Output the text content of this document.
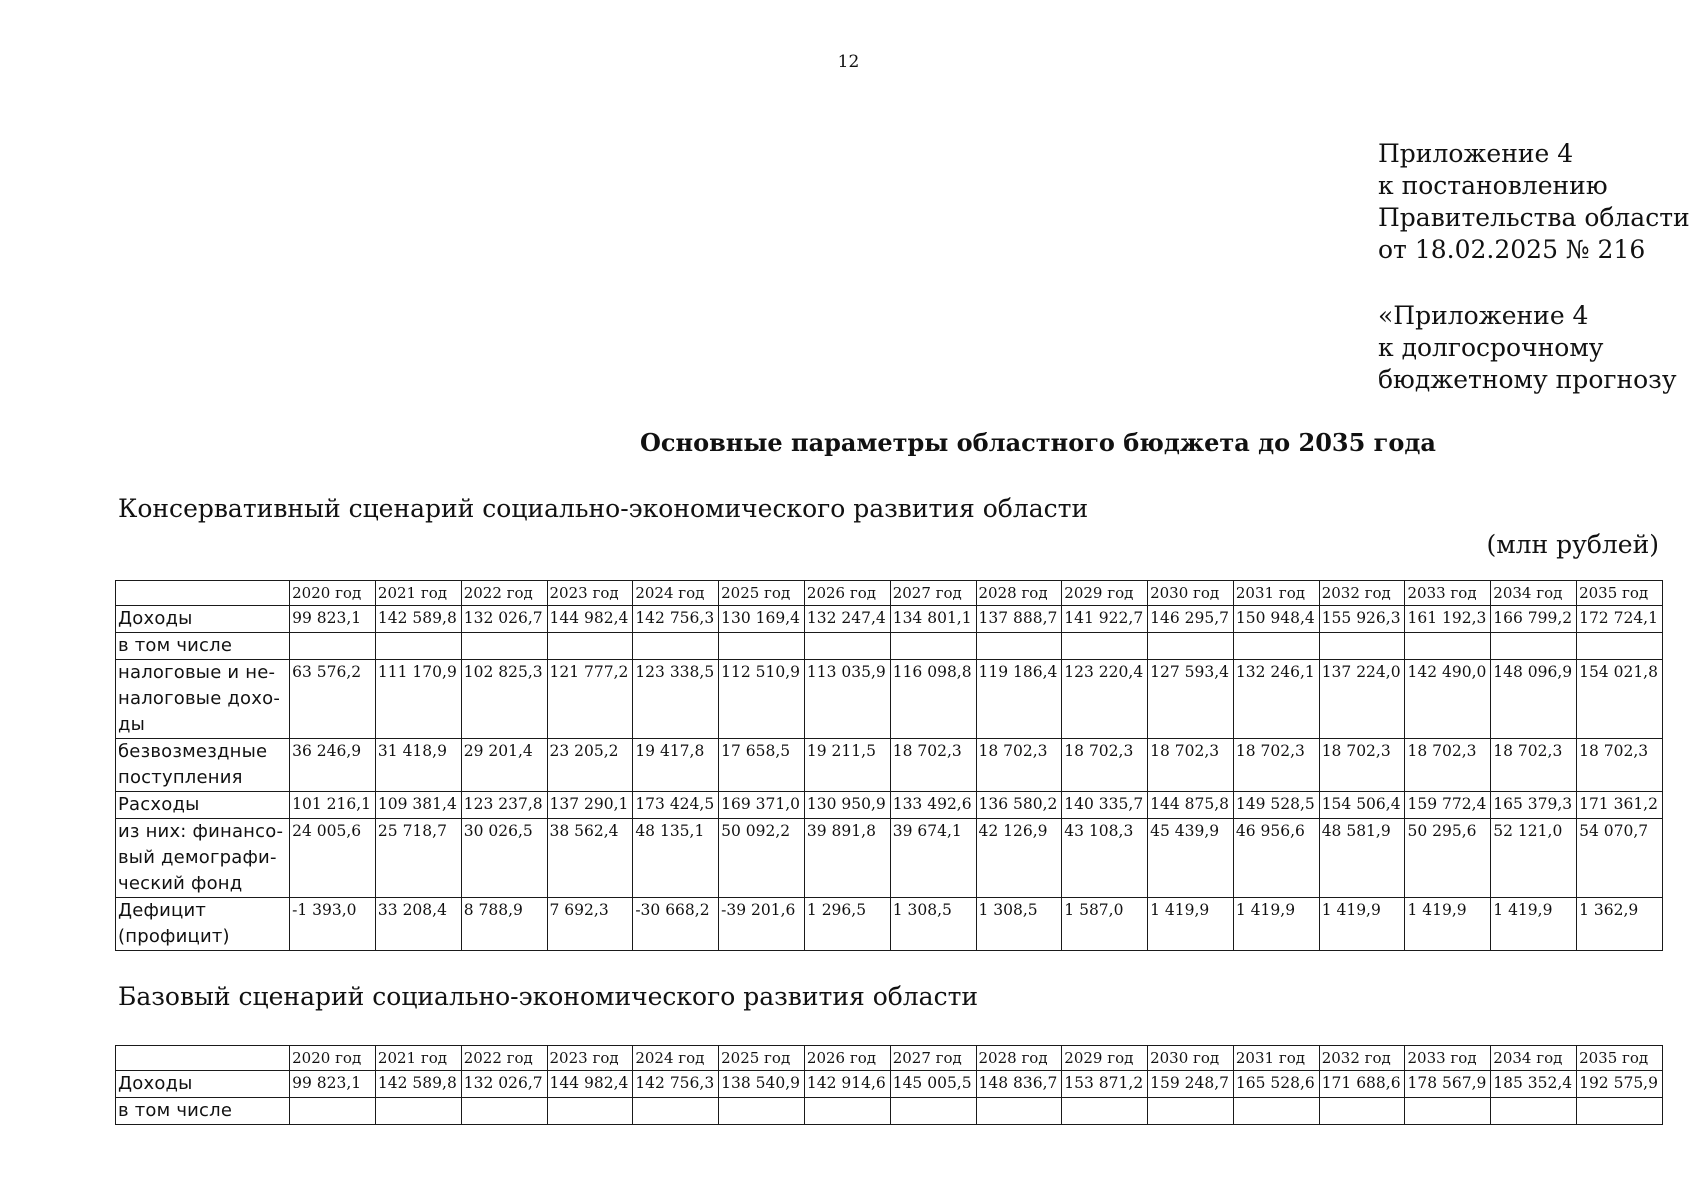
12
Приложение 4
к постановлению
Правительства области
от 18.02.2025 № 216
«Приложение 4
к долгосрочному
бюджетному прогнозу
Основные параметры областного бюджета до 2035 года
Консервативный сценарий социально-экономического развития области
(млн рублей)
	2020 год	2021 год	2022 год	2023 год	2024 год	2025 год	2026 год	2027 год	2028 год	2029 год	2030 год	2031 год	2032 год	2033 год	2034 год	2035 год
Доходы	99 823,1	142 589,8	132 026,7	144 982,4	142 756,3	130 169,4	132 247,4	134 801,1	137 888,7	141 922,7	146 295,7	150 948,4	155 926,3	161 192,3	166 799,2	172 724,1
в том числе																
налоговые и не-налоговые дохо-ды	63 576,2	111 170,9	102 825,3	121 777,2	123 338,5	112 510,9	113 035,9	116 098,8	119 186,4	123 220,4	127 593,4	132 246,1	137 224,0	142 490,0	148 096,9	154 021,8
безвозмездные поступления	36 246,9	31 418,9	29 201,4	23 205,2	19 417,8	17 658,5	19 211,5	18 702,3	18 702,3	18 702,3	18 702,3	18 702,3	18 702,3	18 702,3	18 702,3	18 702,3
Расходы	101 216,1	109 381,4	123 237,8	137 290,1	173 424,5	169 371,0	130 950,9	133 492,6	136 580,2	140 335,7	144 875,8	149 528,5	154 506,4	159 772,4	165 379,3	171 361,2
из них: финансо-вый демографи-ческий фонд	24 005,6	25 718,7	30 026,5	38 562,4	48 135,1	50 092,2	39 891,8	39 674,1	42 126,9	43 108,3	45 439,9	46 956,6	48 581,9	50 295,6	52 121,0	54 070,7
Дефицит (профицит)	-1 393,0	33 208,4	8 788,9	7 692,3	-30 668,2	-39 201,6	1 296,5	1 308,5	1 308,5	1 587,0	1 419,9	1 419,9	1 419,9	1 419,9	1 419,9	1 362,9
Базовый сценарий социально-экономического развития области
	2020 год	2021 год	2022 год	2023 год	2024 год	2025 год	2026 год	2027 год	2028 год	2029 год	2030 год	2031 год	2032 год	2033 год	2034 год	2035 год
Доходы	99 823,1	142 589,8	132 026,7	144 982,4	142 756,3	138 540,9	142 914,6	145 005,5	148 836,7	153 871,2	159 248,7	165 528,6	171 688,6	178 567,9	185 352,4	192 575,9
в том числе																
